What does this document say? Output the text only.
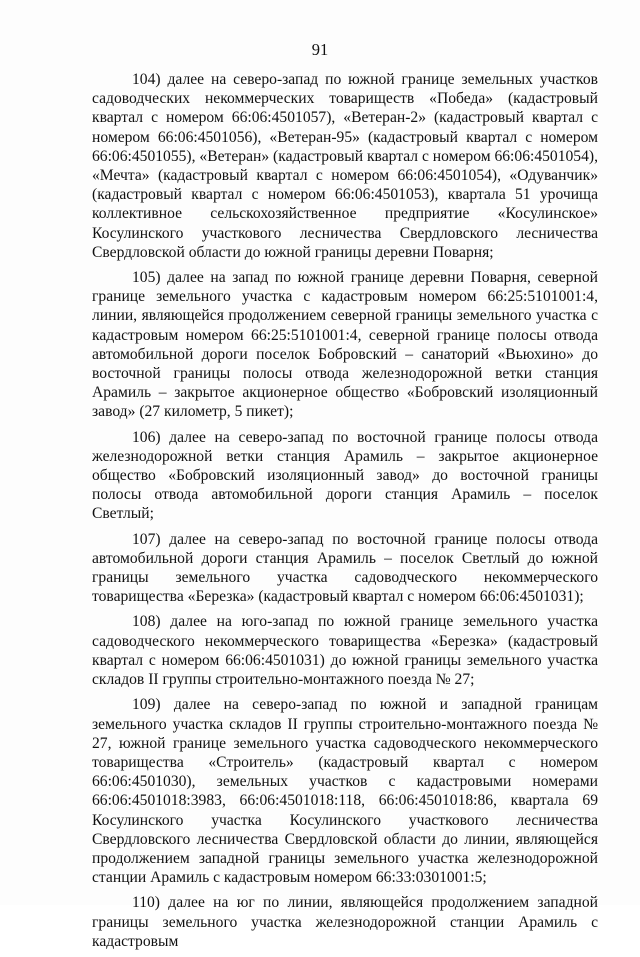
91

104) далее на северо-запад по южной границе земельных участков садоводческих некоммерческих товариществ «Победа» (кадастровый квартал с номером 66:06:4501057), «Ветеран-2» (кадастровый квартал с номером 66:06:4501056), «Ветеран-95» (кадастровый квартал с номером 66:06:4501055), «Ветеран» (кадастровый квартал с номером 66:06:4501054), «Мечта» (кадастровый квартал с номером 66:06:4501054), «Одуванчик» (кадастровый квартал с номером 66:06:4501053), квартала 51 урочища коллективное сельскохозяйственное предприятие «Косулинское» Косулинского участкового лесничества Свердловского лесничества Свердловской области до южной границы деревни Поварня;

105) далее на запад по южной границе деревни Поварня, северной границе земельного участка с кадастровым номером 66:25:5101001:4, линии, являющейся продолжением северной границы земельного участка с кадастровым номером 66:25:5101001:4, северной границе полосы отвода автомобильной дороги поселок Бобровский – санаторий «Вьюхино» до восточной границы полосы отвода железнодорожной ветки станция Арамиль – закрытое акционерное общество «Бобровский изоляционный завод» (27 километр, 5 пикет);

106) далее на северо-запад по восточной границе полосы отвода железнодорожной ветки станция Арамиль – закрытое акционерное общество «Бобровский изоляционный завод» до восточной границы полосы отвода автомобильной дороги станция Арамиль – поселок Светлый;

107) далее на северо-запад по восточной границе полосы отвода автомобильной дороги станция Арамиль – поселок Светлый до южной границы земельного участка садоводческого некоммерческого товарищества «Березка» (кадастровый квартал с номером 66:06:4501031);

108) далее на юго-запад по южной границе земельного участка садоводческого некоммерческого товарищества «Березка» (кадастровый квартал с номером 66:06:4501031) до южной границы земельного участка складов II группы строительно-монтажного поезда № 27;

109) далее на северо-запад по южной и западной границам земельного участка складов II группы строительно-монтажного поезда № 27, южной границе земельного участка садоводческого некоммерческого товарищества «Строитель» (кадастровый квартал с номером 66:06:4501030), земельных участков с кадастровыми номерами 66:06:4501018:3983, 66:06:4501018:118, 66:06:4501018:86, квартала 69 Косулинского участка Косулинского участкового лесничества Свердловского лесничества Свердловской области до линии, являющейся продолжением западной границы земельного участка железнодорожной станции Арамиль с кадастровым номером 66:33:0301001:5;

110) далее на юг по линии, являющейся продолжением западной границы земельного участка железнодорожной станции Арамиль с кадастровым
